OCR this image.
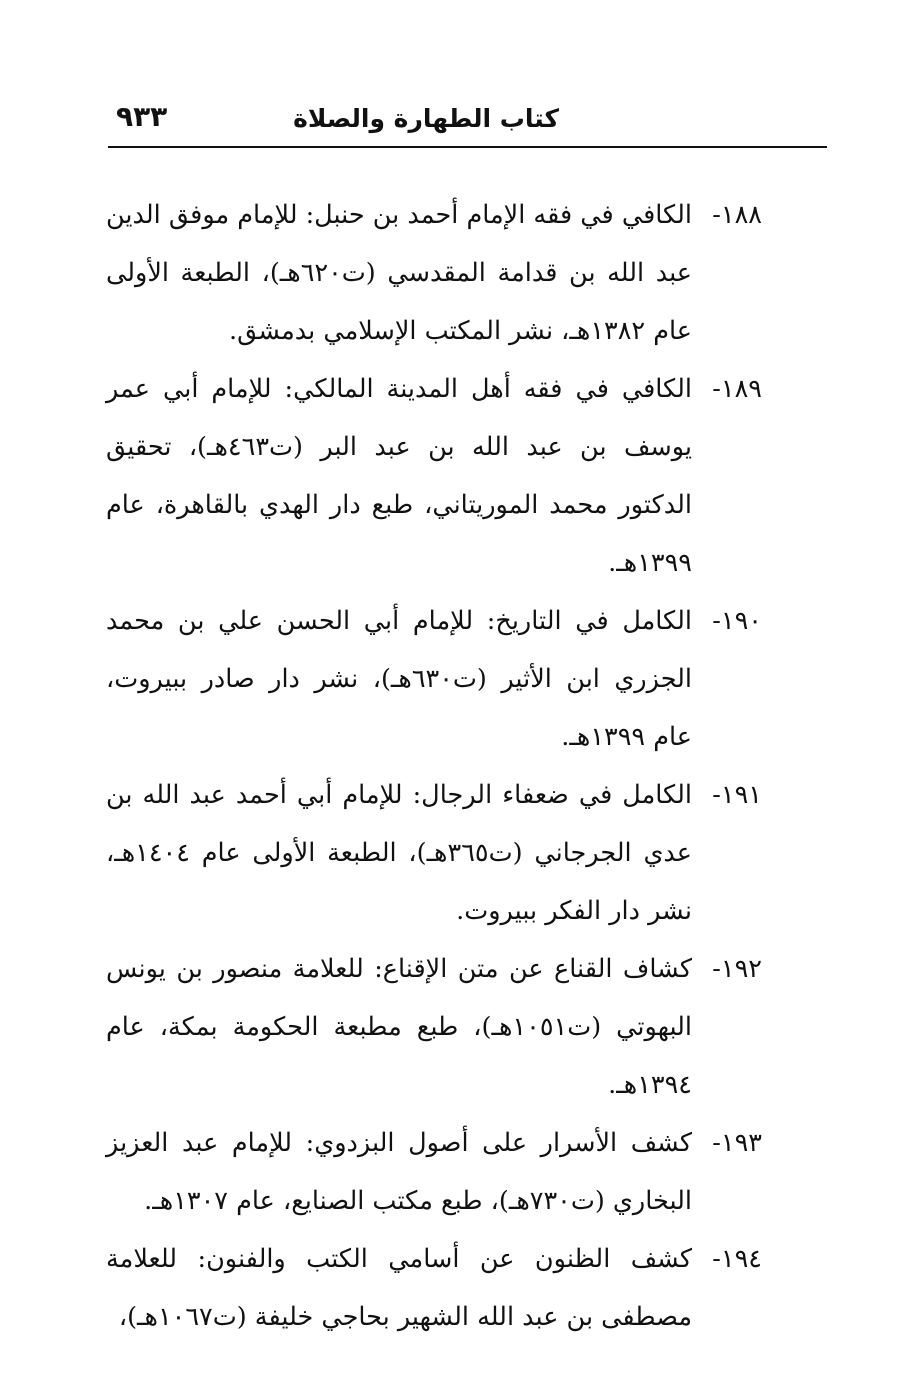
كتاب الطهارة والصلاة
٩٣٣
١٨٨-
الكافي في فقه الإمام أحمد بن حنبل: للإمام موفق الدين عبد الله بن قدامة المقدسي (ت٦٢٠هـ)، الطبعة الأولى عام ١٣٨٢هـ، نشر المكتب الإسلامي بدمشق.
١٨٩-
الكافي في فقه أهل المدينة المالكي: للإمام أبي عمر يوسف بن عبد الله بن عبد البر (ت٤٦٣هـ)، تحقيق الدكتور محمد الموريتاني، طبع دار الهدي بالقاهرة، عام ١٣٩٩هـ.
١٩٠-
الكامل في التاريخ: للإمام أبي الحسن علي بن محمد الجزري ابن الأثير (ت٦٣٠هـ)، نشر دار صادر ببيروت، عام ١٣٩٩هـ.
١٩١-
الكامل في ضعفاء الرجال: للإمام أبي أحمد عبد الله بن عدي الجرجاني (ت٣٦٥هـ)، الطبعة الأولى عام ١٤٠٤هـ، نشر دار الفكر ببيروت.
١٩٢-
كشاف القناع عن متن الإقناع: للعلامة منصور بن يونس البهوتي (ت١٠٥١هـ)، طبع مطبعة الحكومة بمكة، عام ١٣٩٤هـ.
١٩٣-
كشف الأسرار على أصول البزدوي: للإمام عبد العزيز البخاري (ت٧٣٠هـ)، طبع مكتب الصنايع، عام ١٣٠٧هـ.
١٩٤-
كشف الظنون عن أسامي الكتب والفنون: للعلامة مصطفى بن عبد الله الشهير بحاجي خليفة (ت١٠٦٧هـ)،
